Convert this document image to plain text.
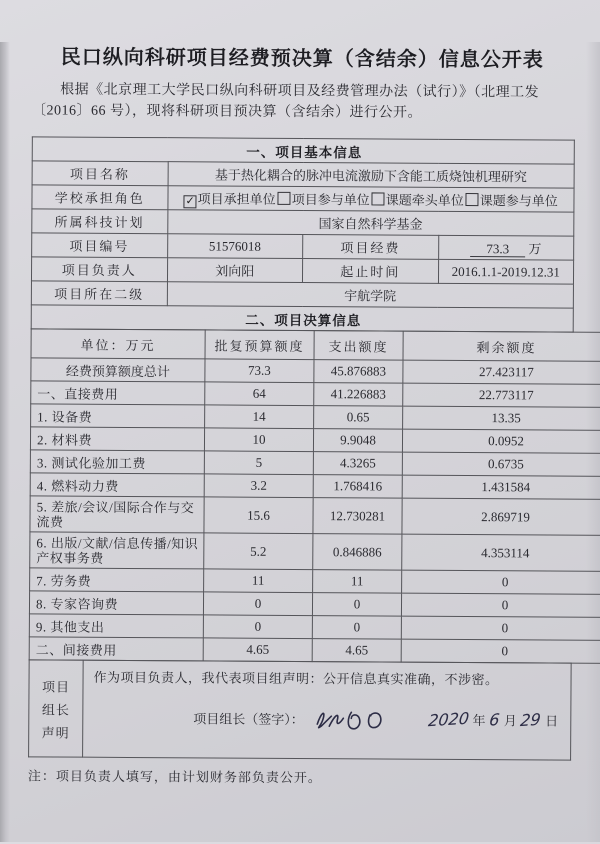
民口纵向科研项目经费预决算（含结余）信息公开表

根据《北京理工大学民口纵向科研项目及经费管理办法（试行）》（北理工发〔2016〕66 号），现将科研项目预决算（含结余）进行公开。

一、项目基本信息			
项目名称	基于热化耦合的脉冲电流激励下含能工质烧蚀机理研究		
学校承担角色	✓ 项目承担单位 项目参与单位 课题牵头单位 课题参与单位		
所属科技计划	国家自然科学基金		
项目编号	51576018	项目经费	73.3 万
项目负责人	刘向阳	起止时间	2016.1.1-2019.12.31
项目所在二级	宇航学院		
二、项目决算信息			
单位：万元	批复预算额度	支出额度	剩余额度
经费预算额度总计	73.3	45.876883	27.423117
一、直接费用	64	41.226883	22.773117
1. 设备费	14	0.65	13.35
2. 材料费	10	9.9048	0.0952
3. 测试化验加工费	5	4.3265	0.6735
4. 燃料动力费	3.2	1.768416	1.431584
5. 差旅/会议/国际合作与交流费	15.6	12.730281	2.869719
6. 出版/文献/信息传播/知识产权事务费	5.2	0.846886	4.353114
7. 劳务费	11	11	0
8. 专家咨询费	0	0	0
9. 其他支出	0	0	0
二、间接费用	4.65	4.65	0
项目
组长
声明

作为项目负责人，我代表项目组声明：公开信息真实准确，不涉密。
项目组长（签字）：	2020 年 6 月 29 日

注：项目负责人填写，由计划财务部负责公开。
